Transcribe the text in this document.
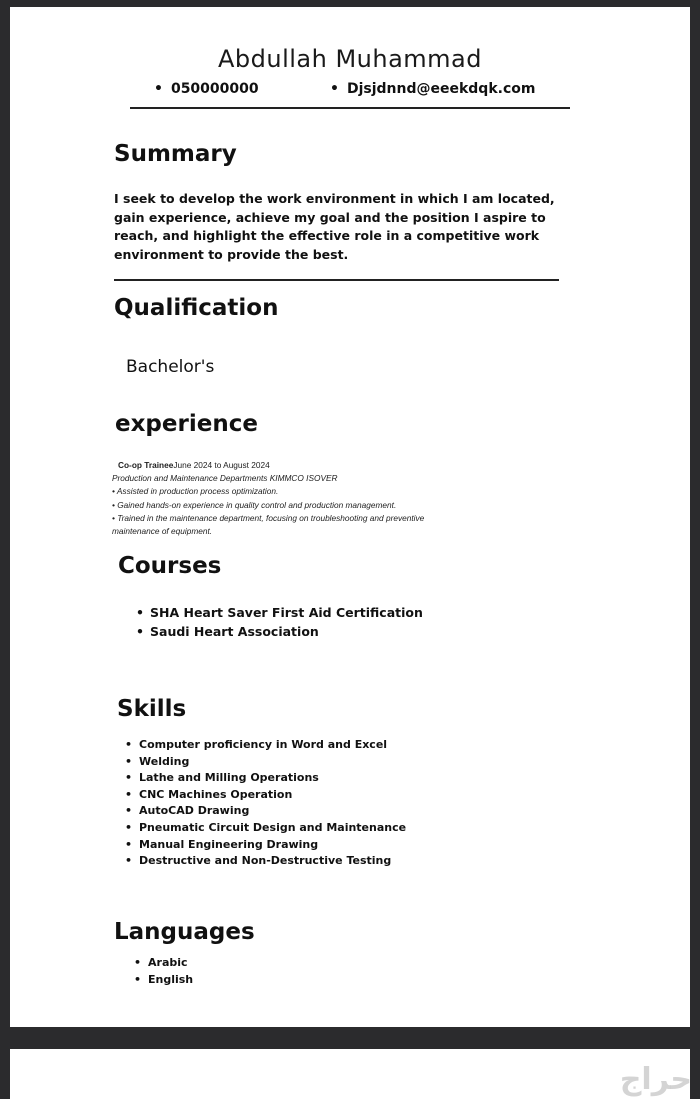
Abdullah Muhammad
• 050000000
•	Djsjdnnd@eeekdqk.com
Summary

I seek to develop the work environment in which I am located, gain experience, achieve my goal and the position I aspire to reach, and highlight the effective role in a competitive work environment to provide the best.

Qualification
Bachelor's
experience
Co-op TraineeJune 2024 to August 2024
Production and Maintenance Departments KIMMCO ISOVER
• Assisted in production process optimization.
• Gained hands-on experience in quality control and production management.
• Trained in the maintenance department, focusing on troubleshooting and preventive maintenance of equipment.
Courses
• SHA Heart Saver First Aid Certification
• Saudi Heart Association
Skills
• Computer proficiency in Word and Excel
• Welding
• Lathe and Milling Operations
• CNC Machines Operation
• AutoCAD Drawing
• Pneumatic Circuit Design and Maintenance
• Manual Engineering Drawing
• Destructive and Non-Destructive Testing
Languages
• Arabic
• English
حراج
